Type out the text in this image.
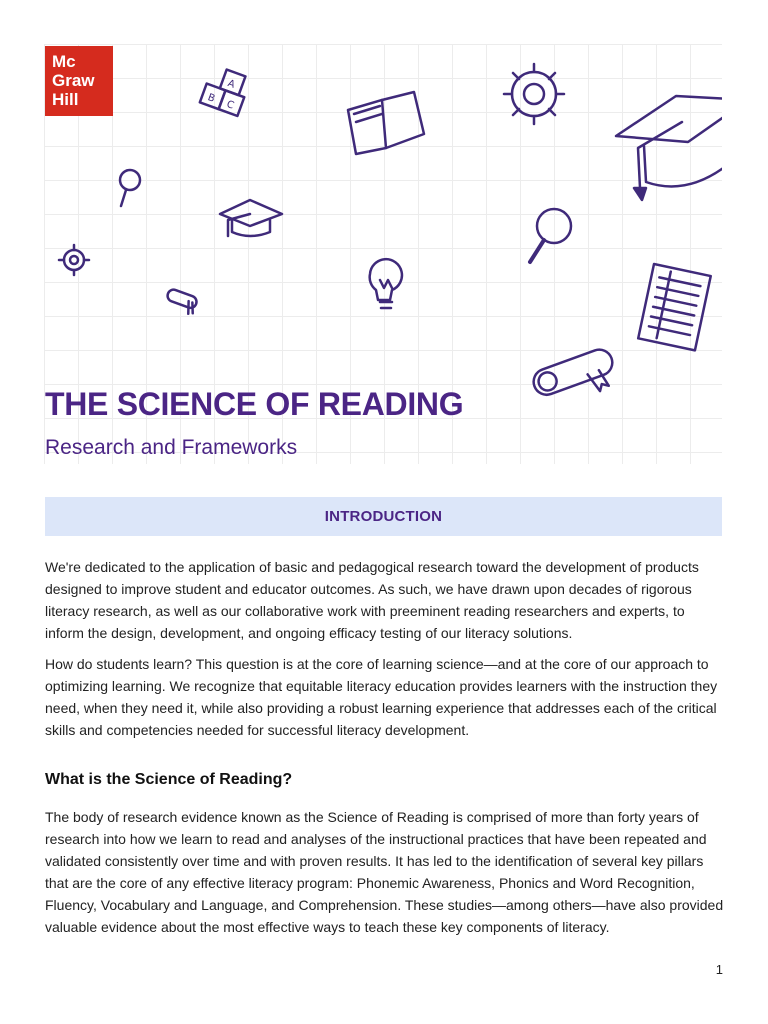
A
B
C
Mc
Graw
Hill
THE SCIENCE OF READING
Research and Frameworks
INTRODUCTION

We're dedicated to the application of basic and pedagogical research toward the development of products designed to improve student and educator outcomes. As such, we have drawn upon decades of rigorous literacy research, as well as our collaborative work with preeminent reading researchers and experts, to inform the design, development, and ongoing efficacy testing of our literacy solutions.

How do students learn? This question is at the core of learning science—and at the core of our approach to optimizing learning. We recognize that equitable literacy education provides learners with the instruction they need, when they need it, while also providing a robust learning experience that addresses each of the critical skills and competencies needed for successful literacy development.

What is the Science of Reading?

The body of research evidence known as the Science of Reading is comprised of more than forty years of research into how we learn to read and analyses of the instructional practices that have been repeated and validated consistently over time and with proven results. It has led to the identification of several key pillars that are the core of any effective literacy program: Phonemic Awareness, Phonics and Word Recognition, Fluency, Vocabulary and Language, and Comprehension. These studies—among others—have also provided valuable evidence about the most effective ways to teach these key components of literacy.

1
